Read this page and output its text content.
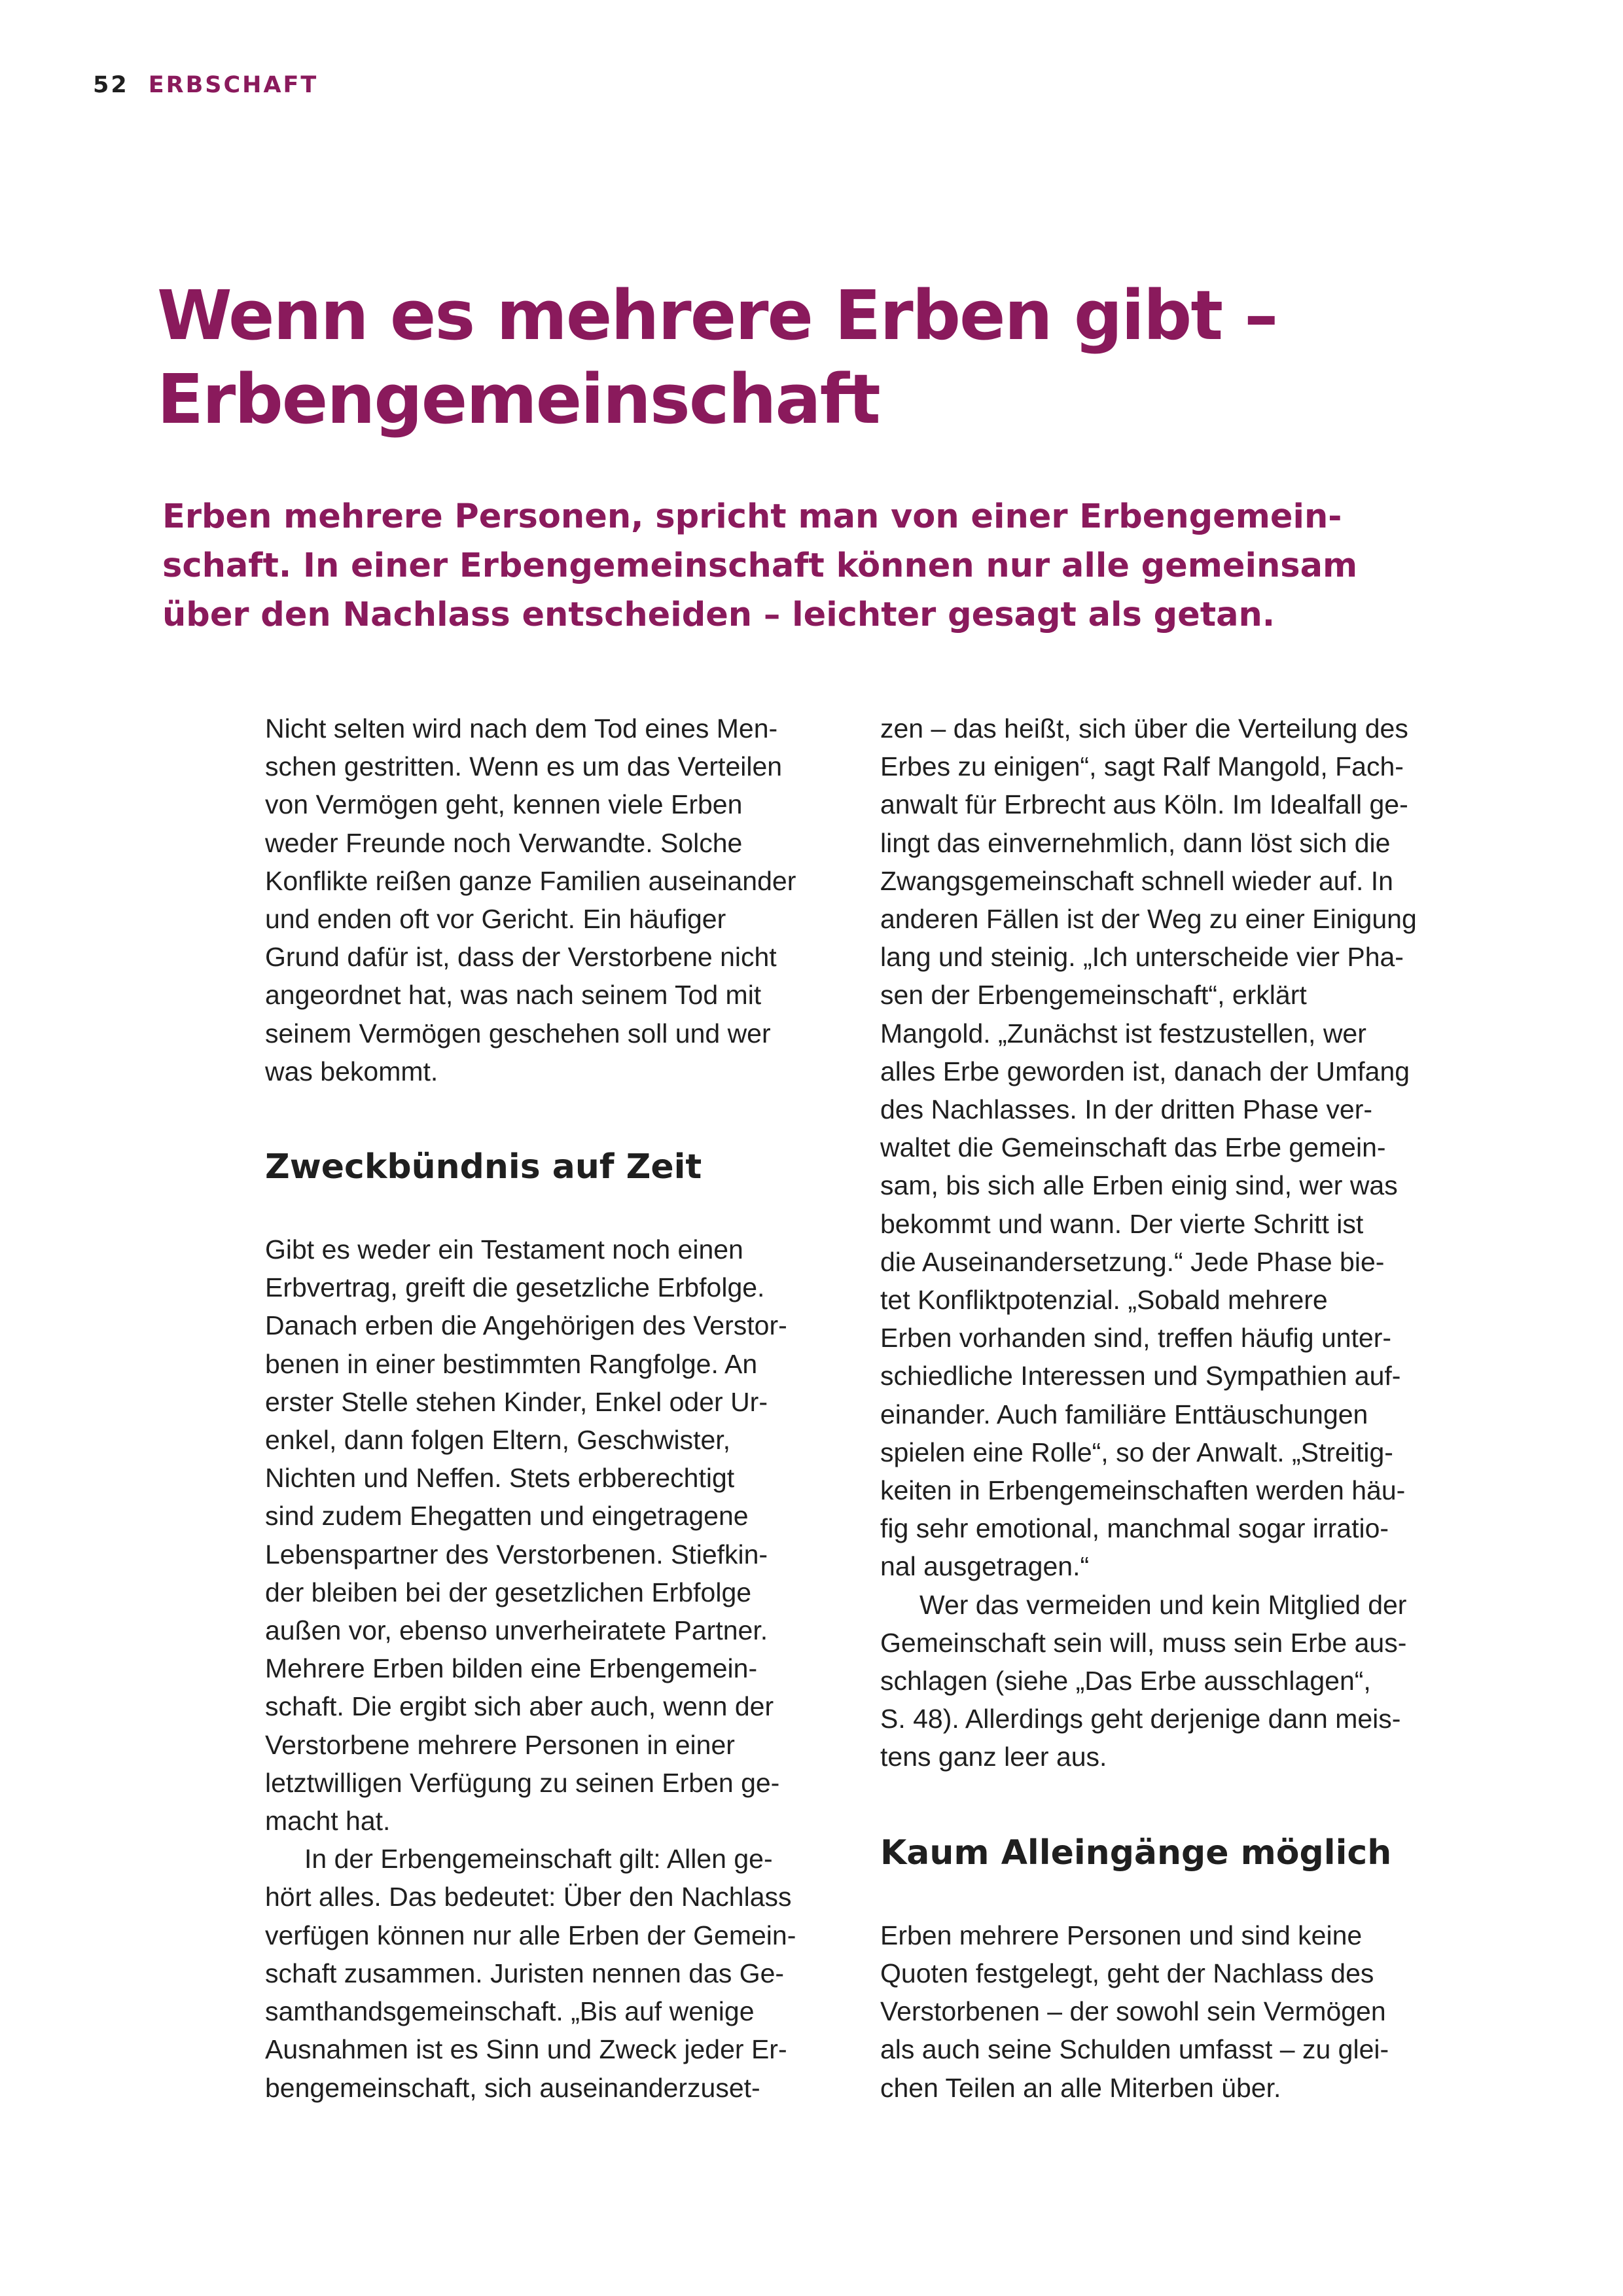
52 ERBSCHAFT
Wenn es mehrere Erben gibt –
Erbengemeinschaft

Erben mehrere Personen, spricht man von einer Erbengemein-
schaft. In einer Erbengemeinschaft können nur alle gemeinsam
über den Nachlass entscheiden – leichter gesagt als getan.

Nicht selten wird nach dem Tod eines Men-
schen gestritten. Wenn es um das Verteilen
von Vermögen geht, kennen viele Erben
weder Freunde noch Verwandte. Solche
Konflikte reißen ganze Familien auseinander
und enden oft vor Gericht. Ein häufiger
Grund dafür ist, dass der Verstorbene nicht
angeordnet hat, was nach seinem Tod mit
seinem Vermögen geschehen soll und wer
was bekommt.

Zweckbündnis auf Zeit

Gibt es weder ein Testament noch einen
Erbvertrag, greift die gesetzliche Erbfolge.
Danach erben die Angehörigen des Verstor-
benen in einer bestimmten Rangfolge. An
erster Stelle stehen Kinder, Enkel oder Ur-
enkel, dann folgen Eltern, Geschwister,
Nichten und Neffen. Stets erbberechtigt
sind zudem Ehegatten und eingetragene
Lebenspartner des Verstorbenen. Stiefkin-
der bleiben bei der gesetzlichen Erbfolge
außen vor, ebenso unverheiratete Partner.
Mehrere Erben bilden eine Erbengemein-
schaft. Die ergibt sich aber auch, wenn der
Verstorbene mehrere Personen in einer
letztwilligen Verfügung zu seinen Erben ge-
macht hat.

In der Erbengemeinschaft gilt: Allen ge-
hört alles. Das bedeutet: Über den Nachlass
verfügen können nur alle Erben der Gemein-
schaft zusammen. Juristen nennen das Ge-
samthandsgemeinschaft. „Bis auf wenige
Ausnahmen ist es Sinn und Zweck jeder Er-
bengemeinschaft, sich auseinanderzuset-

zen – das heißt, sich über die Verteilung des
Erbes zu einigen“, sagt Ralf Mangold, Fach-
anwalt für Erbrecht aus Köln. Im Idealfall ge-
lingt das einvernehmlich, dann löst sich die
Zwangsgemeinschaft schnell wieder auf. In
anderen Fällen ist der Weg zu einer Einigung
lang und steinig. „Ich unterscheide vier Pha-
sen der Erbengemeinschaft“, erklärt
Mangold. „Zunächst ist festzustellen, wer
alles Erbe geworden ist, danach der Umfang
des Nachlasses. In der dritten Phase ver-
waltet die Gemeinschaft das Erbe gemein-
sam, bis sich alle Erben einig sind, wer was
bekommt und wann. Der vierte Schritt ist
die Auseinandersetzung.“ Jede Phase bie-
tet Konfliktpotenzial. „Sobald mehrere
Erben vorhanden sind, treffen häufig unter-
schiedliche Interessen und Sympathien auf-
einander. Auch familiäre Enttäuschungen
spielen eine Rolle“, so der Anwalt. „Streitig-
keiten in Erbengemeinschaften werden häu-
fig sehr emotional, manchmal sogar irratio-
nal ausgetragen.“

Wer das vermeiden und kein Mitglied der
Gemeinschaft sein will, muss sein Erbe aus-
schlagen (siehe „Das Erbe ausschlagen“,
S. 48). Allerdings geht derjenige dann meis-
tens ganz leer aus.

Kaum Alleingänge möglich

Erben mehrere Personen und sind keine
Quoten festgelegt, geht der Nachlass des
Verstorbenen – der sowohl sein Vermögen
als auch seine Schulden umfasst – zu glei-
chen Teilen an alle Miterben über.
